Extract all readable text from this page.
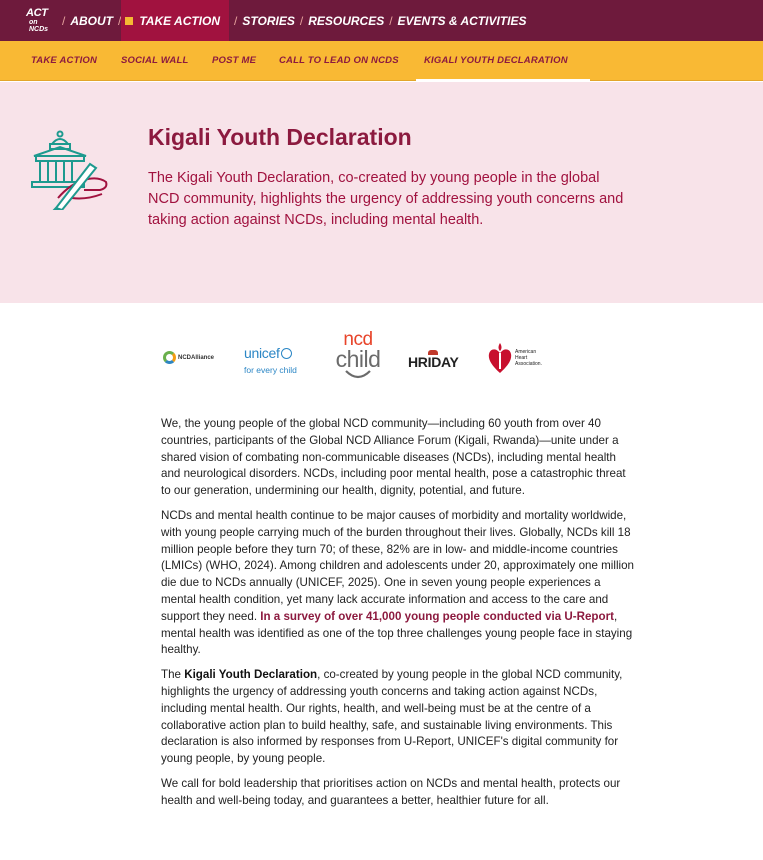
ACT
on NCDs
/ ABOUT / TAKE ACTION / STORIES / RESOURCES / EVENTS & ACTIVITIES
TAKE ACTION	SOCIAL WALL POST ME CALL TO LEAD ON NCDS	KIGALI YOUTH DECLARATION
Kigali Youth Declaration

The Kigali Youth Declaration, co-created by young people in the global NCD community, highlights the urgency of addressing youth concerns and taking action against NCDs, including mental health.

NCDAlliance unicef
for every child
ncd
child	HRIDAY
American
Heart
Association.

We, the young people of the global NCD community—including 60 youth from over 40 countries, participants of the Global NCD Alliance Forum (Kigali, Rwanda)—unite under a shared vision of combating non-communicable diseases (NCDs), including mental health and neurological disorders. NCDs, including poor mental health, pose a catastrophic threat to our generation, undermining our health, dignity, potential, and future.

NCDs and mental health continue to be major causes of morbidity and mortality worldwide, with young people carrying much of the burden throughout their lives. Globally, NCDs kill 18 million people before they turn 70; of these, 82% are in low- and middle-income countries (LMICs) (WHO, 2024). Among children and adolescents under 20, approximately one million die due to NCDs annually (UNICEF, 2025). One in seven young people experiences a mental health condition, yet many lack accurate information and access to the care and support they need. In a survey of over 41,000 young people conducted via U-Report, mental health was identified as one of the top three challenges young people face in staying healthy.

The Kigali Youth Declaration, co-created by young people in the global NCD community, highlights the urgency of addressing youth concerns and taking action against NCDs, including mental health. Our rights, health, and well-being must be at the centre of a collaborative action plan to build healthy, safe, and sustainable living environments. This declaration is also informed by responses from U-Report, UNICEF's digital community for young people, by young people.

We call for bold leadership that prioritises action on NCDs and mental health, protects our health and well-being today, and guarantees a better, healthier future for all.
